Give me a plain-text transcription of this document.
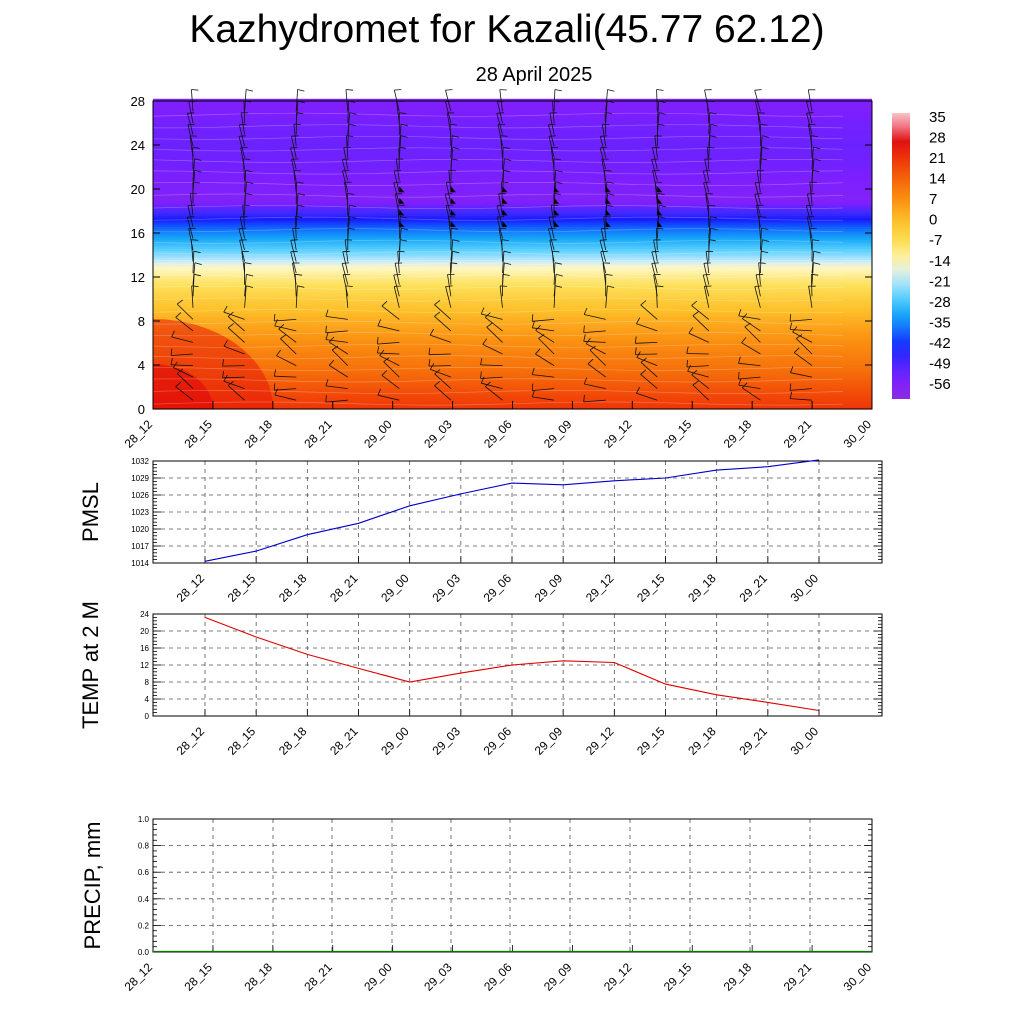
Kazhydromet for Kazali(45.77 62.12)
28 April 2025
0
4
8
12
16
20
24
28
28_12 28_15 28_18 28_21 29_00 29_03 29_06 29_09 29_12 29_15 29_18 29_21 30_00
35
28
21
14
7
0
-7
-14
-21
-28
-35
-42
-49
-56
1014
1017
1020
1023
1026
1029
1032
28_12 28_15 28_18 28_21 29_00 29_03 29_06 29_09 29_12 29_15 29_18 29_21 30_00
PMSL
0
4
8
12
16
20
24
28_12 28_15 28_18 28_21 29_00 29_03 29_06 29_09 29_12 29_15 29_18 29_21 30_00
TEMP at 2 M
0.0
0.2
0.4
0.6
0.8
1.0
28_12 28_15 28_18 28_21 29_00 29_03 29_06 29_09 29_12 29_15 29_18 29_21 30_00
PRECIP, mm
